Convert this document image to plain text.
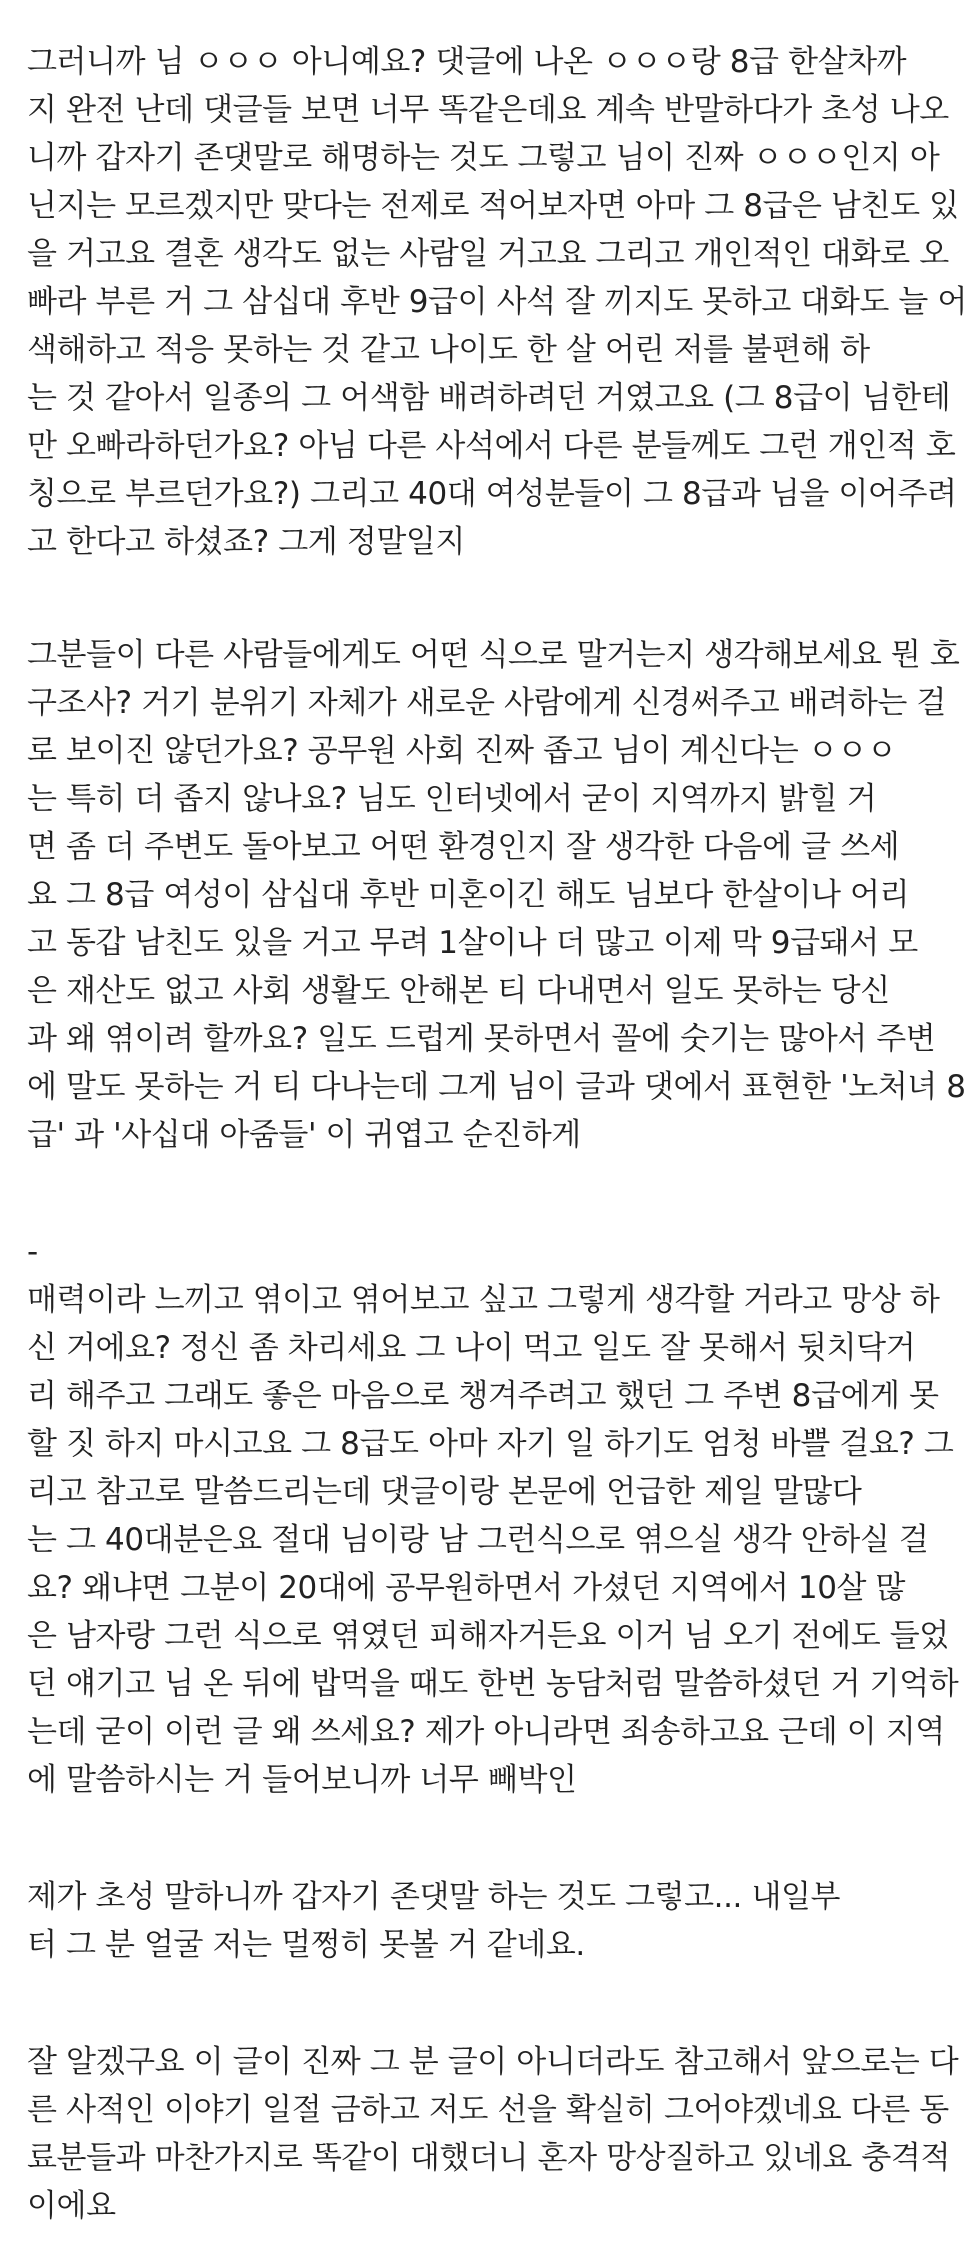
그러니까 님 ㅇㅇㅇ 아니예요? 댓글에 나온 ㅇㅇㅇ랑 8급 한살차까
지 완전 난데 댓글들 보면 너무 똑같은데요 계속 반말하다가 초성 나오
니까 갑자기 존댓말로 해명하는 것도 그렇고 님이 진짜 ㅇㅇㅇ인지 아
닌지는 모르겠지만 맞다는 전제로 적어보자면 아마 그 8급은 남친도 있
을 거고요 결혼 생각도 없는 사람일 거고요 그리고 개인적인 대화로 오
빠라 부른 거 그 삼십대 후반 9급이 사석 잘 끼지도 못하고 대화도 늘 어
색해하고 적응 못하는 것 같고 나이도 한 살 어린 저를 불편해 하
는 것 같아서 일종의 그 어색함 배려하려던 거였고요 (그 8급이 님한테
만 오빠라하던가요? 아님 다른 사석에서 다른 분들께도 그런 개인적 호
칭으로 부르던가요?) 그리고 40대 여성분들이 그 8급과 님을 이어주려
고 한다고 하셨죠? 그게 정말일지
그분들이 다른 사람들에게도 어떤 식으로 말거는지 생각해보세요 뭔 호
구조사? 거기 분위기 자체가 새로운 사람에게 신경써주고 배려하는 걸
로 보이진 않던가요? 공무원 사회 진짜 좁고 님이 계신다는 ㅇㅇㅇ
는 특히 더 좁지 않나요? 님도 인터넷에서 굳이 지역까지 밝힐 거
면 좀 더 주변도 돌아보고 어떤 환경인지 잘 생각한 다음에 글 쓰세
요 그 8급 여성이 삼십대 후반 미혼이긴 해도 님보다 한살이나 어리
고 동갑 남친도 있을 거고 무려 1살이나 더 많고 이제 막 9급돼서 모
은 재산도 없고 사회 생활도 안해본 티 다내면서 일도 못하는 당신
과 왜 엮이려 할까요? 일도 드럽게 못하면서 꼴에 숫기는 많아서 주변
에 말도 못하는 거 티 다나는데 그게 님이 글과 댓에서 표현한 '노처녀 8
급' 과 '사십대 아줌들' 이 귀엽고 순진하게
-
매력이라 느끼고 엮이고 엮어보고 싶고 그렇게 생각할 거라고 망상 하
신 거에요? 정신 좀 차리세요 그 나이 먹고 일도 잘 못해서 뒷치닥거
리 해주고 그래도 좋은 마음으로 챙겨주려고 했던 그 주변 8급에게 못
할 짓 하지 마시고요 그 8급도 아마 자기 일 하기도 엄청 바쁠 걸요? 그
리고 참고로 말씀드리는데 댓글이랑 본문에 언급한 제일 말많다
는 그 40대분은요 절대 님이랑 남 그런식으로 엮으실 생각 안하실 걸
요? 왜냐면 그분이 20대에 공무원하면서 가셨던 지역에서 10살 많
은 남자랑 그런 식으로 엮였던 피해자거든요 이거 님 오기 전에도 들었
던 얘기고 님 온 뒤에 밥먹을 때도 한번 농담처럼 말씀하셨던 거 기억하
는데 굳이 이런 글 왜 쓰세요? 제가 아니라면 죄송하고요 근데 이 지역
에 말씀하시는 거 들어보니까 너무 빼박인
제가 초성 말하니까 갑자기 존댓말 하는 것도 그렇고... 내일부
터 그 분 얼굴 저는 멀쩡히 못볼 거 같네요.
잘 알겠구요 이 글이 진짜 그 분 글이 아니더라도 참고해서 앞으로는 다
른 사적인 이야기 일절 금하고 저도 선을 확실히 그어야겠네요 다른 동
료분들과 마찬가지로 똑같이 대했더니 혼자 망상질하고 있네요 충격적
이에요
